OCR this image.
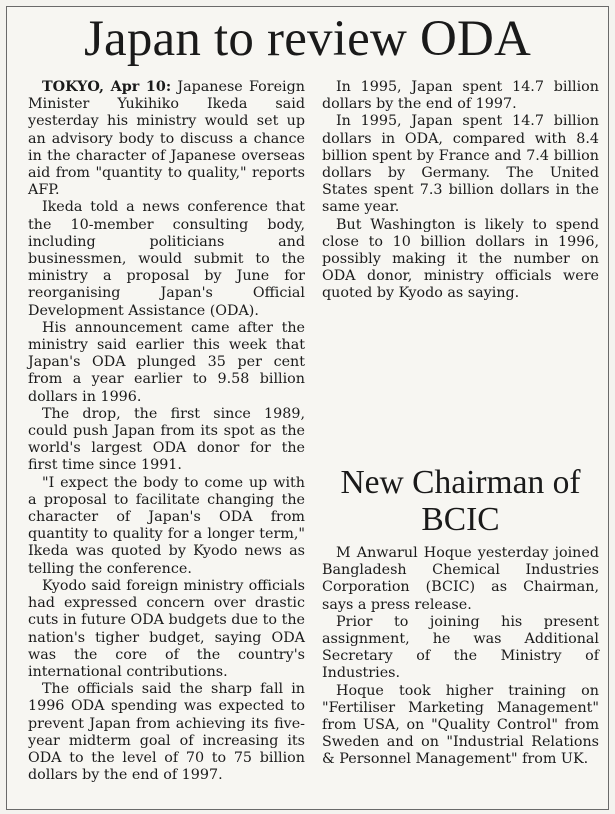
Japan to review ODA

TOKYO, Apr 10: Japanese Foreign Minister Yukihiko Ikeda said yesterday his ministry would set up an advisory body to discuss a chance in the character of Japanese overseas aid from "quantity to quality," reports AFP.

Ikeda told a news conference that the 10-member consulting body, including politicians and businessmen, would submit to the ministry a proposal by June for reorganising Japan's Official Development Assistance (ODA).

His announcement came after the ministry said earlier this week that Japan's ODA plunged 35 per cent from a year earlier to 9.58 billion dollars in 1996.

The drop, the first since 1989, could push Japan from its spot as the world's largest ODA donor for the first time since 1991.

"I expect the body to come up with a proposal to facilitate changing the character of Japan's ODA from quantity to quality for a longer term," Ikeda was quoted by Kyodo news as telling the conference.

Kyodo said foreign ministry officials had expressed concern over drastic cuts in future ODA budgets due to the nation's tigher budget, saying ODA was the core of the country's international contributions.

The officials said the sharp fall in 1996 ODA spending was expected to prevent Japan from achieving its five-year midterm goal of increasing its ODA to the level of 70 to 75 billion dollars by the end of 1997.

In 1995, Japan spent 14.7 billion dollars by the end of 1997.

In 1995, Japan spent 14.7 billion dollars in ODA, compared with 8.4 billion spent by France and 7.4 billion dollars by Germany. The United States spent 7.3 billion dollars in the same year.

But Washington is likely to spend close to 10 billion dollars in 1996, possibly making it the number on ODA donor, ministry officials were quoted by Kyodo as saying.

New Chairman of BCIC

M Anwarul Hoque yesterday joined Bangladesh Chemical Industries Corporation (BCIC) as Chairman, says a press release.

Prior to joining his present assignment, he was Additional Secretary of the Ministry of Industries.

Hoque took higher training on "Fertiliser Marketing Management" from USA, on "Quality Control" from Sweden and on "Industrial Relations & Personnel Management" from UK.
